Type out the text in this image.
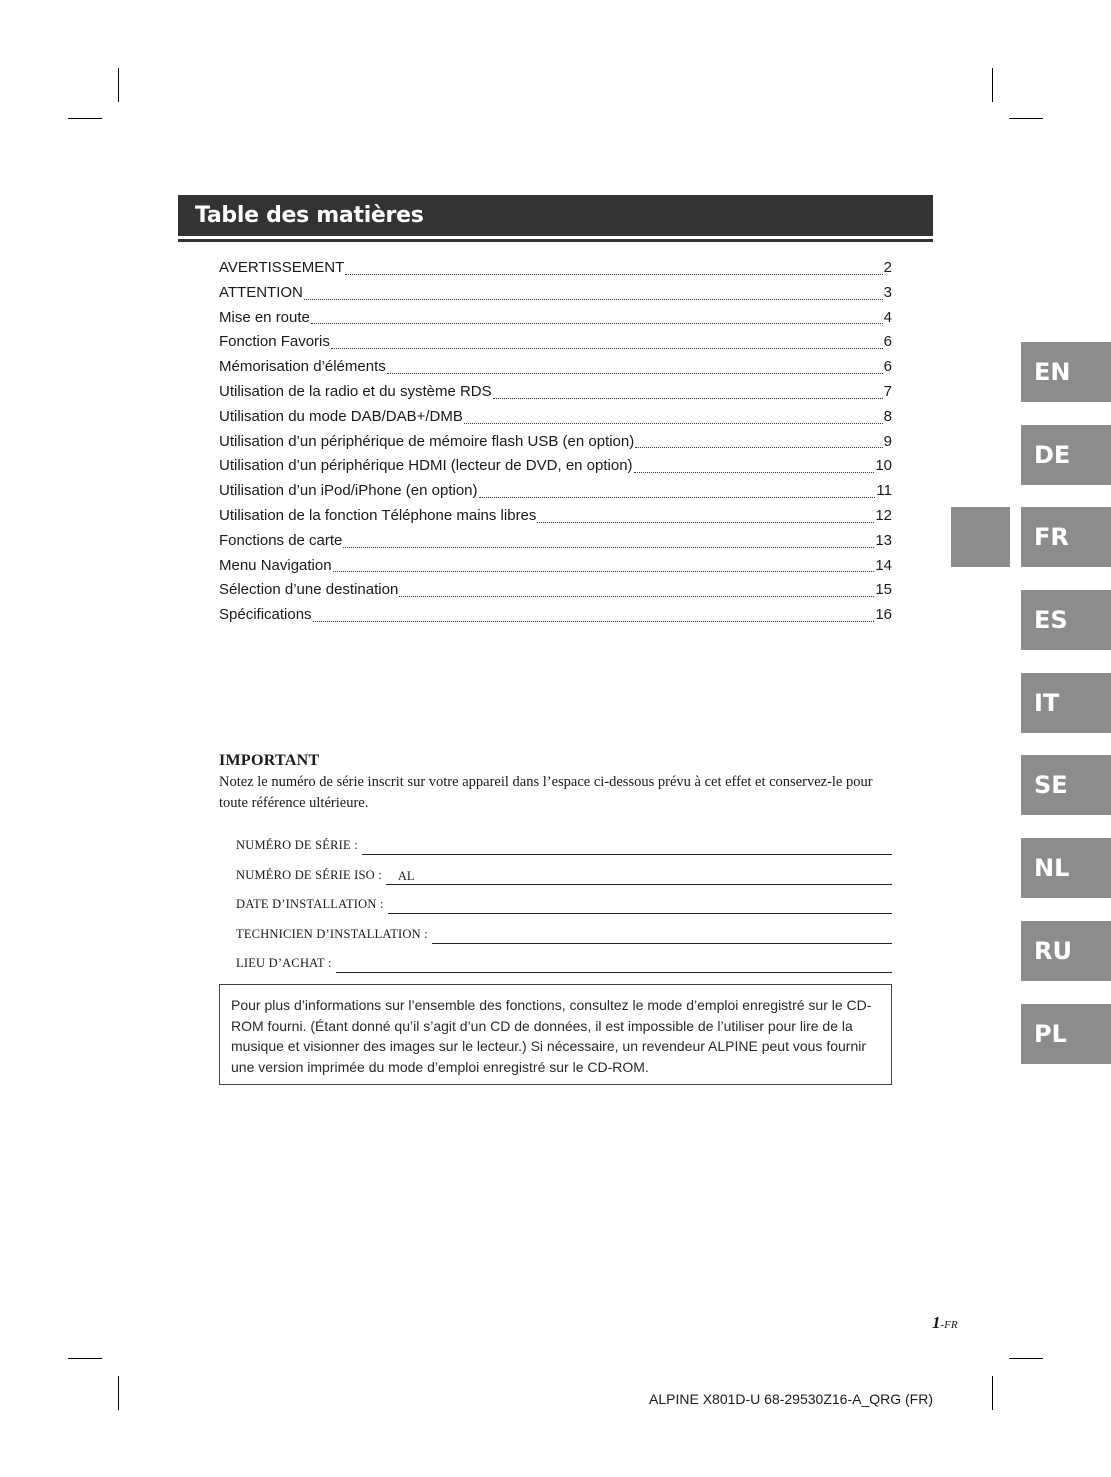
Table des matières
AVERTISSEMENT	2
ATTENTION	3
Mise en route	4
Fonction Favoris	6
Mémorisation d’éléments	6
Utilisation de la radio et du système RDS	7
Utilisation du mode DAB/DAB+/DMB	8
Utilisation d’un périphérique de mémoire flash USB (en option)	9
Utilisation d’un périphérique HDMI (lecteur de DVD, en option)	10
Utilisation d’un iPod/iPhone (en option)	11
Utilisation de la fonction Téléphone mains libres	12
Fonctions de carte	13
Menu Navigation	14
Sélection d’une destination	15
Spécifications	16
IMPORTANT

Notez le numéro de série inscrit sur votre appareil dans l’espace ci-dessous prévu à cet effet et conservez-le pour toute référence ultérieure.

NUMÉRO DE SÉRIE :
NUMÉRO DE SÉRIE ISO :	AL
DATE D’INSTALLATION :
TECHNICIEN D’INSTALLATION :
LIEU D’ACHAT :
Pour plus d’informations sur l’ensemble des fonctions, consultez le mode d’emploi enregistré sur le CD-ROM fourni. (Étant donné qu’il s’agit d’un CD de données, il est impossible de l’utiliser pour lire de la musique et visionner des images sur le lecteur.) Si nécessaire, un revendeur ALPINE peut vous fournir une version imprimée du mode d’emploi enregistré sur le CD-ROM.
EN
DE
FR
ES
IT
SE
NL
RU
PL
1-FR
ALPINE X801D-U 68-29530Z16-A_QRG (FR)
